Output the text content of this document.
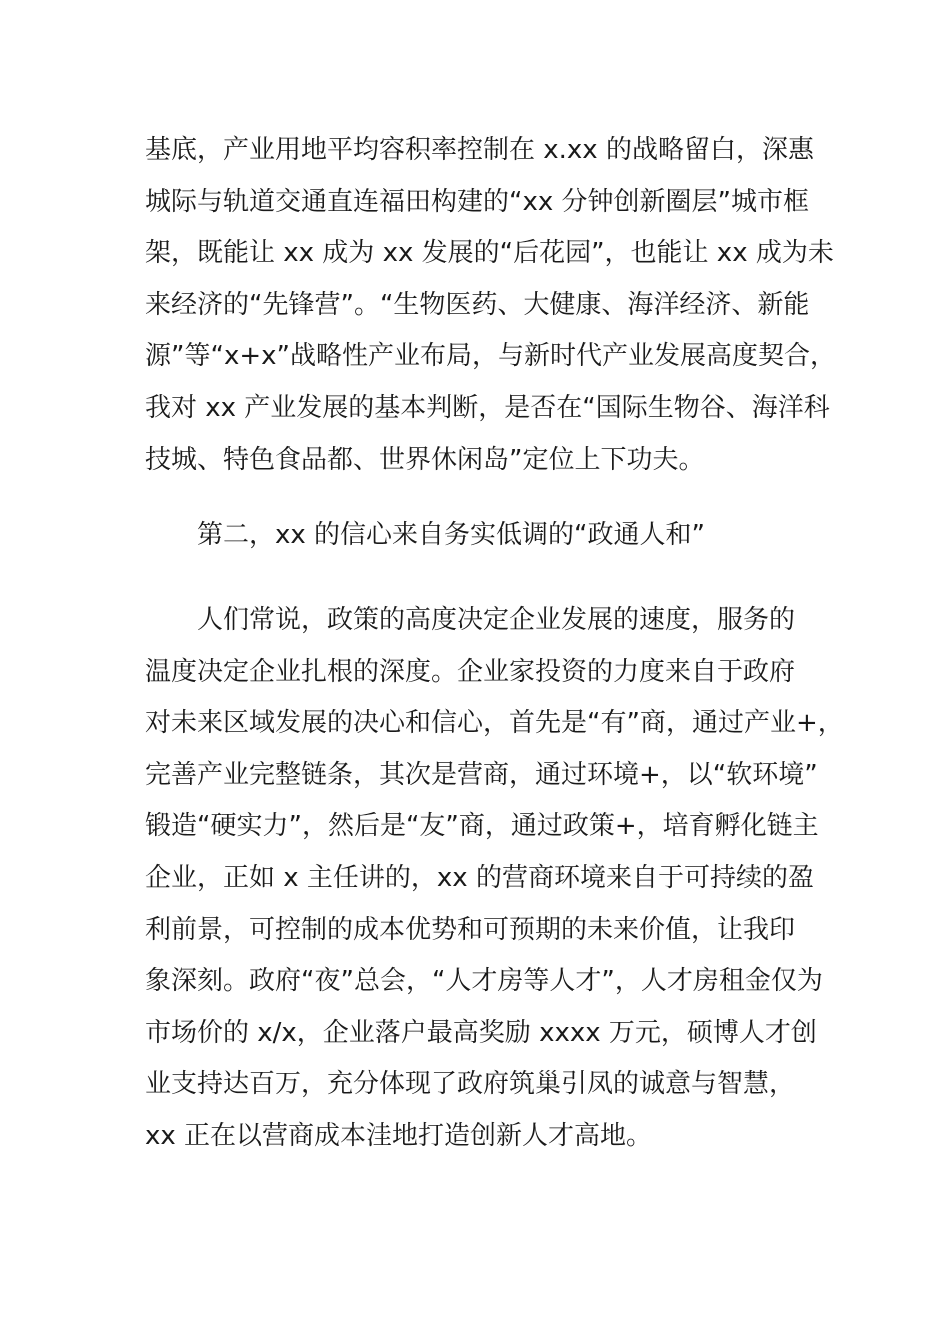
基底，产业用地平均容积率控制在 x.xx 的战略留白，深惠
城际与轨道交通直连福田构建的“xx 分钟创新圈层”城市框
架，既能让 xx 成为 xx 发展的“后花园”，也能让 xx 成为未
来经济的“先锋营”。“生物医药、大健康、海洋经济、新能
源”等“x+x”战略性产业布局，与新时代产业发展高度契合，
我对 xx 产业发展的基本判断，是否在“国际生物谷、海洋科
技城、特色食品都、世界休闲岛”定位上下功夫。
第二，xx 的信心来自务实低调的“政通人和”
人们常说，政策的高度决定企业发展的速度，服务的
温度决定企业扎根的深度。企业家投资的力度来自于政府
对未来区域发展的决心和信心，首先是“有”商，通过产业+，
完善产业完整链条，其次是营商，通过环境+，以“软环境”
锻造“硬实力”，然后是“友”商，通过政策+，培育孵化链主
企业，正如 x 主任讲的，xx 的营商环境来自于可持续的盈
利前景，可控制的成本优势和可预期的未来价值，让我印
象深刻。政府“夜”总会，“人才房等人才”，人才房租金仅为
市场价的 x/x，企业落户最高奖励 xxxx 万元，硕博人才创
业支持达百万，充分体现了政府筑巢引凤的诚意与智慧，
xx 正在以营商成本洼地打造创新人才高地。
